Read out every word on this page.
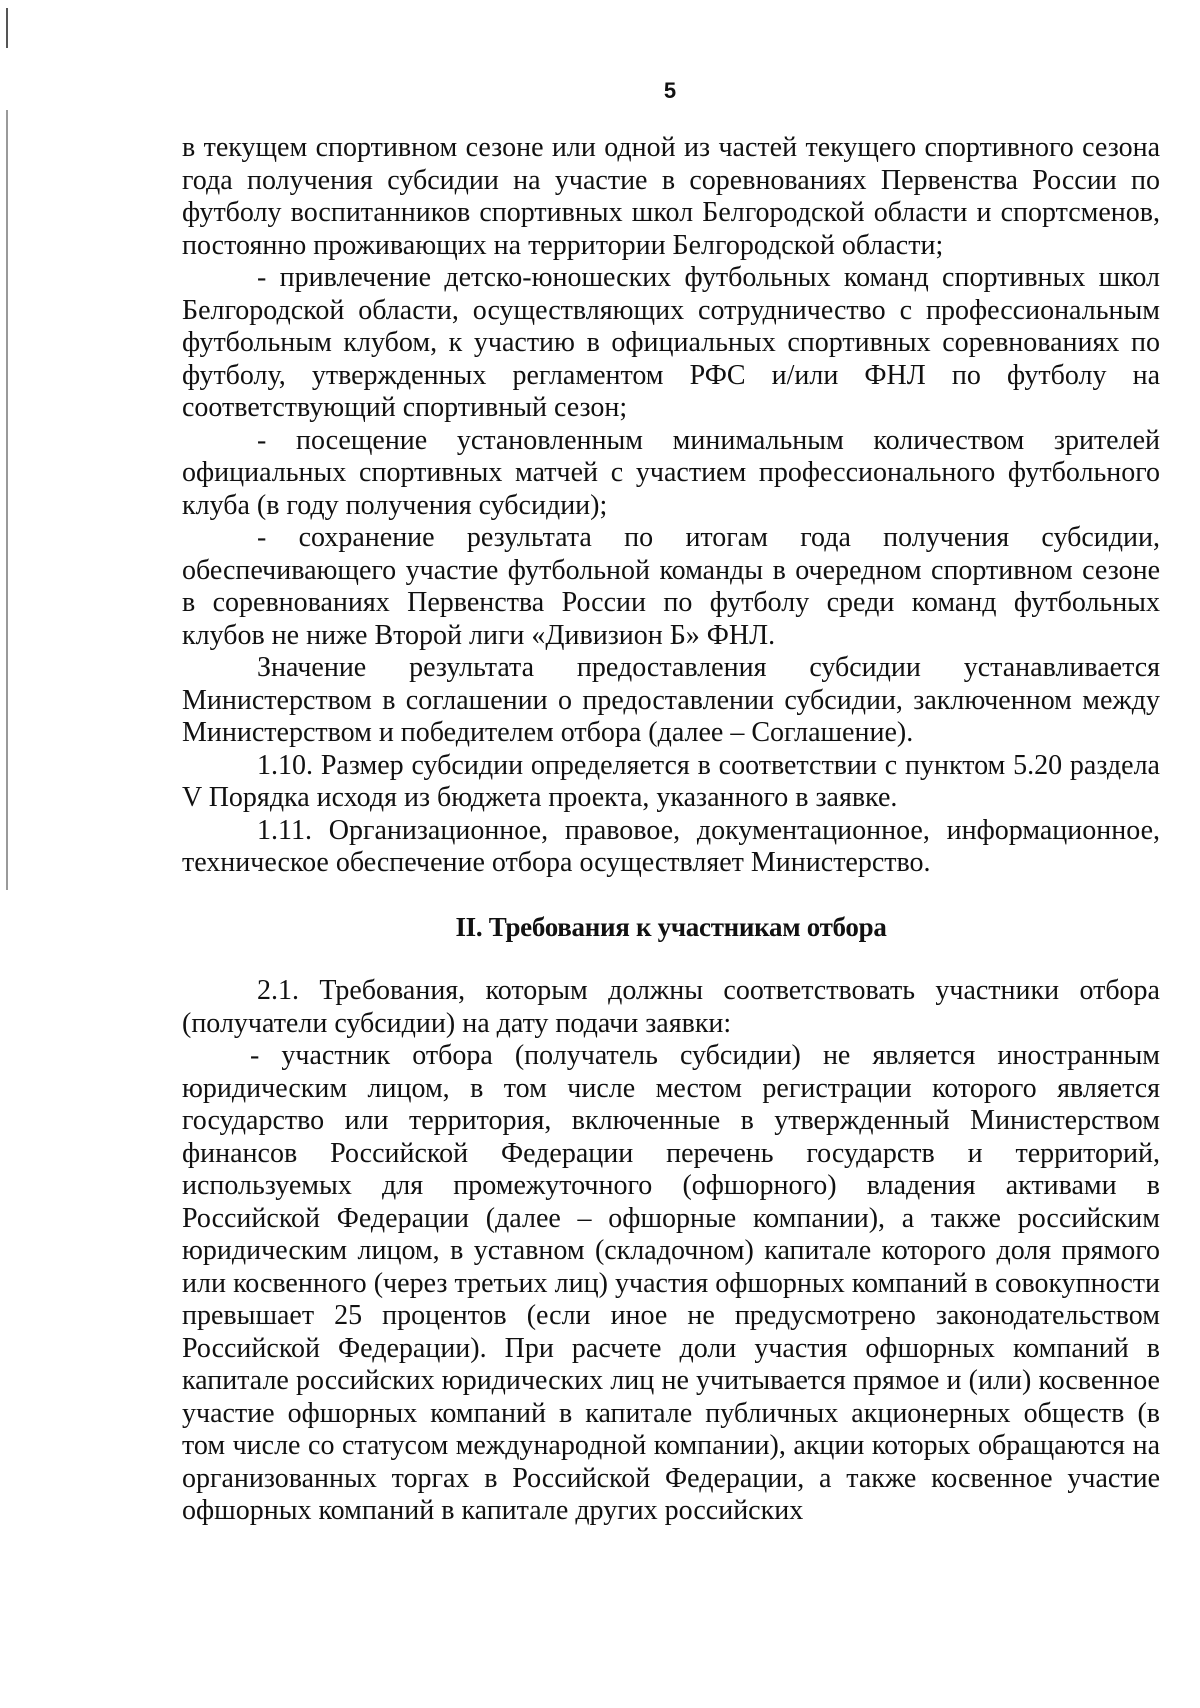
5

в текущем спортивном сезоне или одной из частей текущего спортивного сезона года получения субсидии на участие в соревнованиях Первенства России по футболу воспитанников спортивных школ Белгородской области и спортсменов, постоянно проживающих на территории Белгородской области;

- привлечение детско-юношеских футбольных команд спортивных школ Белгородской области, осуществляющих сотрудничество с профессиональным футбольным клубом, к участию в официальных спортивных соревнованиях по футболу, утвержденных регламентом РФС и/или ФНЛ по футболу на соответствующий спортивный сезон;

- посещение установленным минимальным количеством зрителей официальных спортивных матчей с участием профессионального футбольного клуба (в году получения субсидии);

- сохранение результата по итогам года получения субсидии, обеспечивающего участие футбольной команды в очередном спортивном сезоне в соревнованиях Первенства России по футболу среди команд футбольных клубов не ниже Второй лиги «Дивизион Б» ФНЛ.

Значение результата предоставления субсидии устанавливается Министерством в соглашении о предоставлении субсидии, заключенном между Министерством и победителем отбора (далее – Соглашение).

1.10. Размер субсидии определяется в соответствии с пунктом 5.20 раздела V Порядка исходя из бюджета проекта, указанного в заявке.

1.11. Организационное, правовое, документационное, информационное, техническое обеспечение отбора осуществляет Министерство.

II. Требования к участникам отбора

2.1. Требования, которым должны соответствовать участники отбора (получатели субсидии) на дату подачи заявки:

- участник отбора (получатель субсидии) не является иностранным юридическим лицом, в том числе местом регистрации которого является государство или территория, включенные в утвержденный Министерством финансов Российской Федерации перечень государств и территорий, используемых для промежуточного (офшорного) владения активами в Российской Федерации (далее – офшорные компании), а также российским юридическим лицом, в уставном (складочном) капитале которого доля прямого или косвенного (через третьих лиц) участия офшорных компаний в совокупности превышает 25 процентов (если иное не предусмотрено законодательством Российской Федерации). При расчете доли участия офшорных компаний в капитале российских юридических лиц не учитывается прямое и (или) косвенное участие офшорных компаний в капитале публичных акционерных обществ (в том числе со статусом международной компании), акции которых обращаются на организованных торгах в Российской Федерации, а также косвенное участие офшорных компаний в капитале других российских
